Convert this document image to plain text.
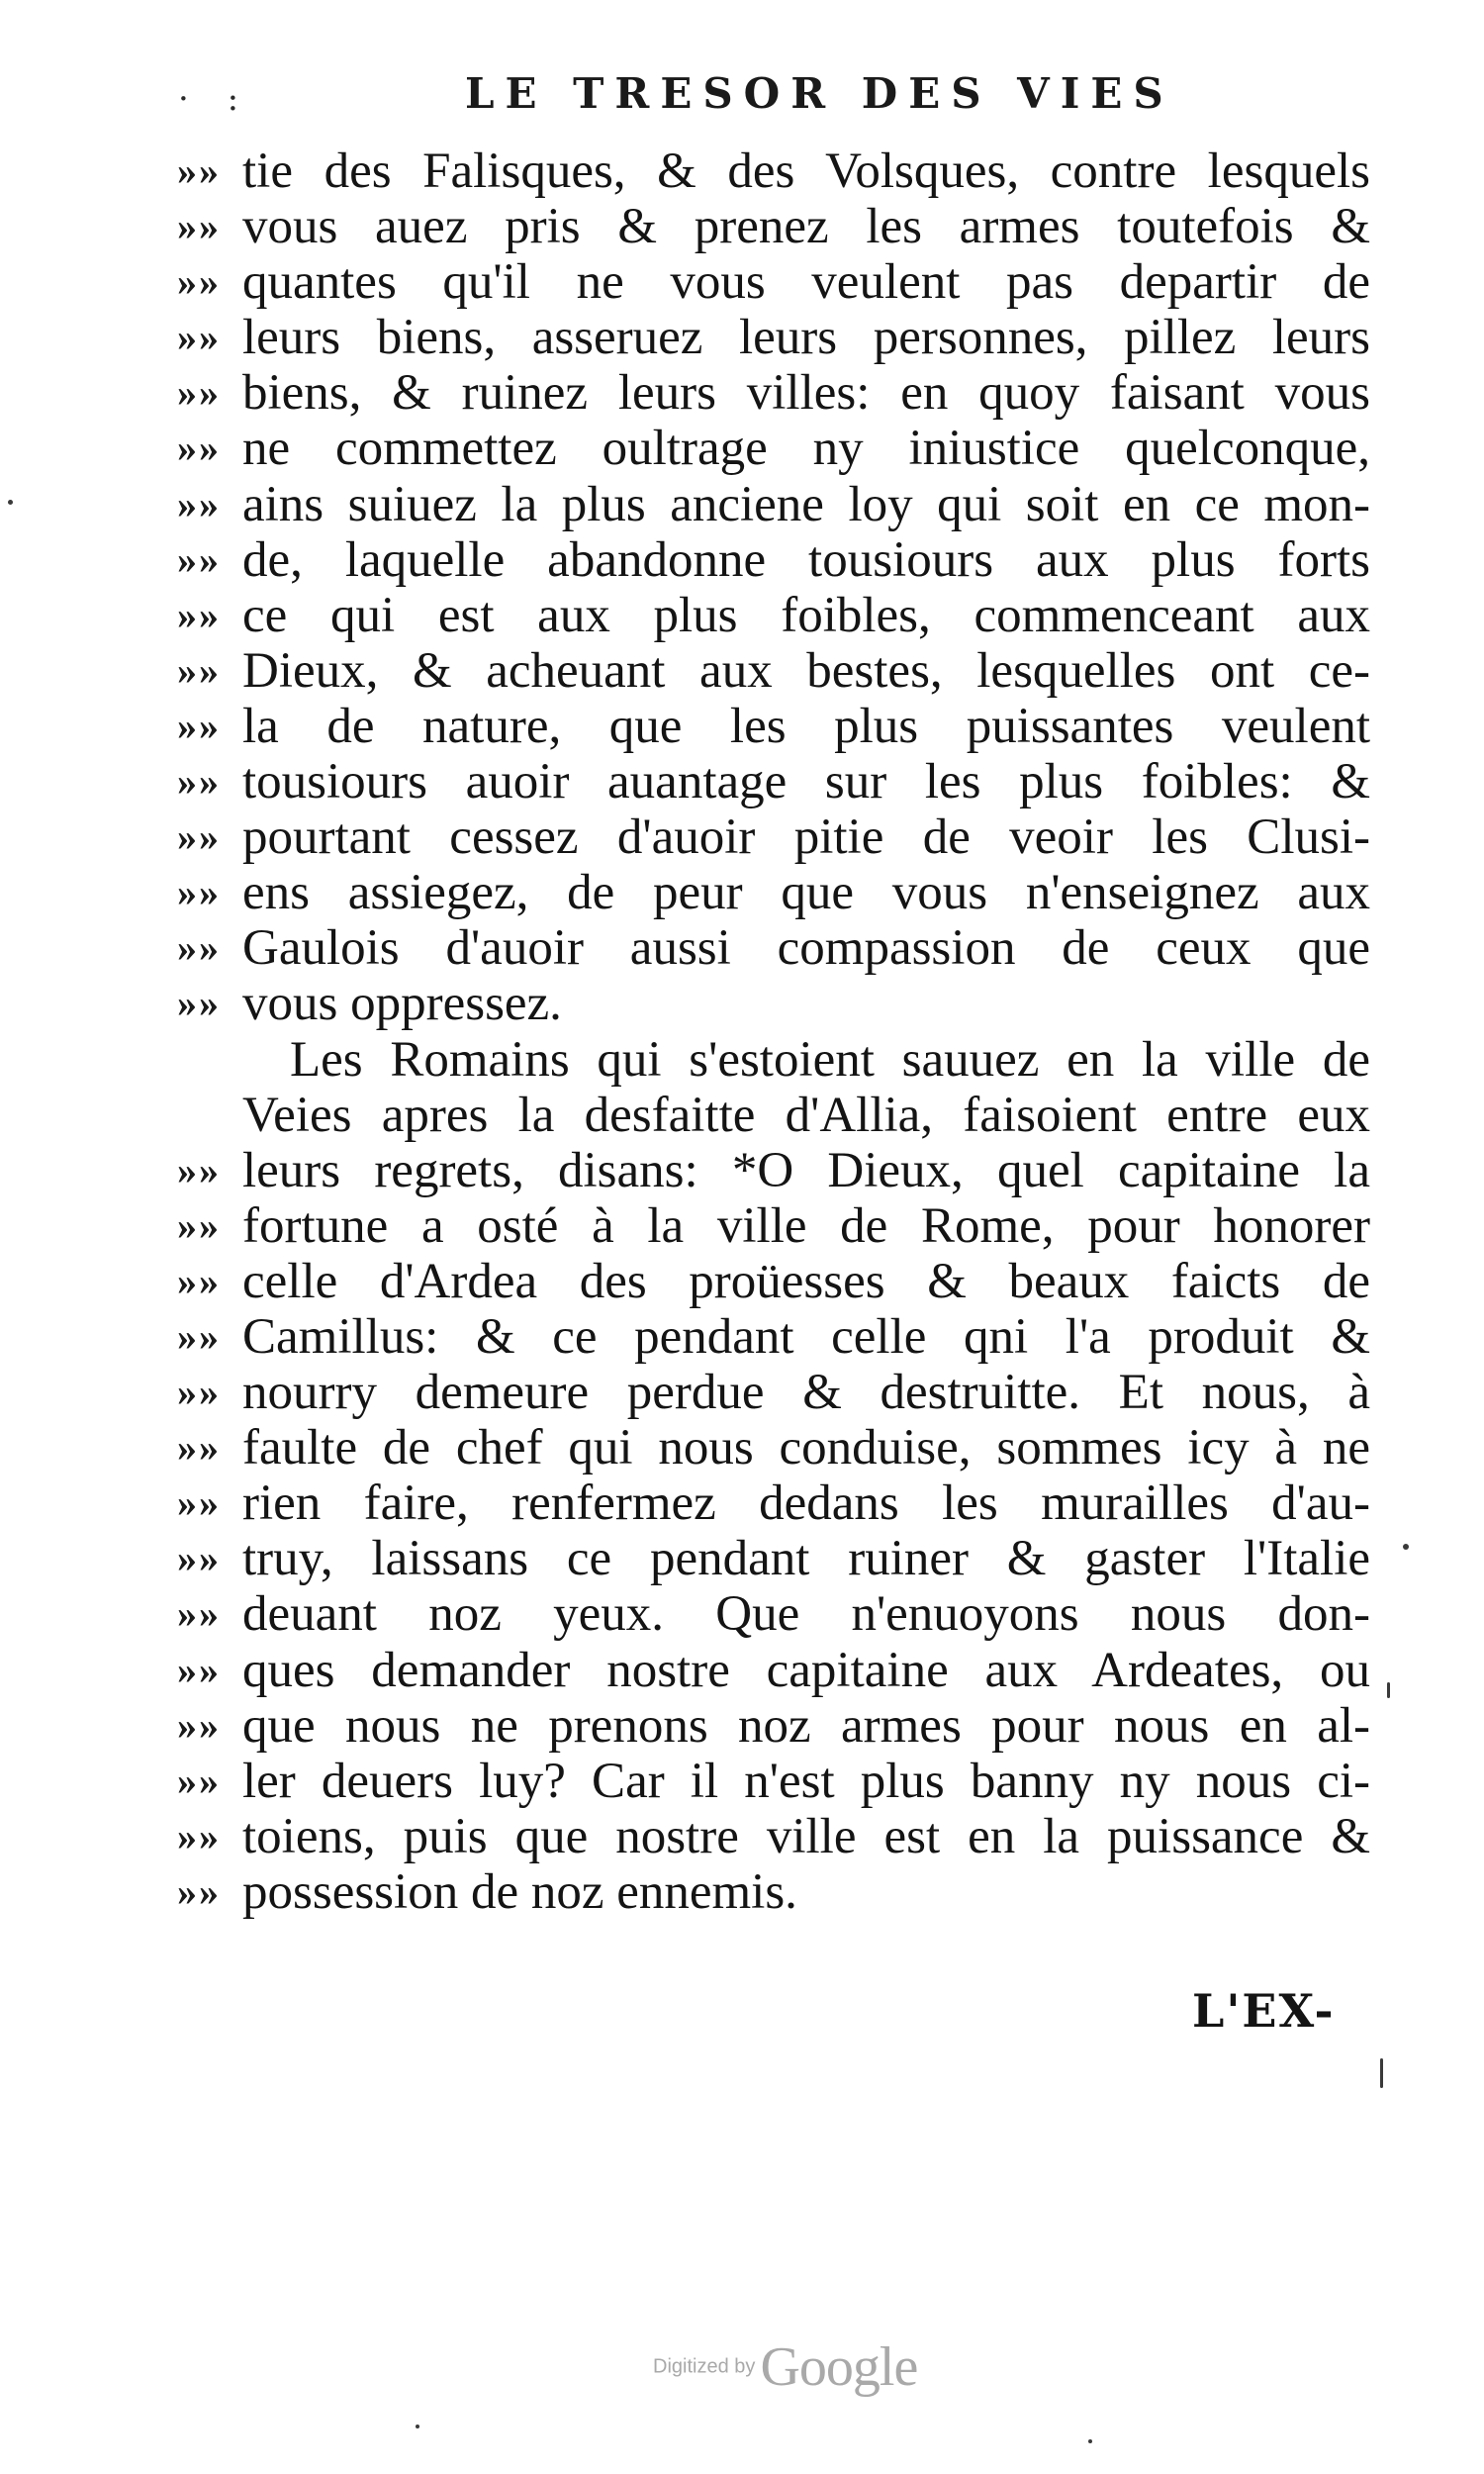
· :	LE TRESOR DES VIES
»» tie des Falisques, & des Volsques, contre lesquels
»» vous auez pris & prenez les armes toutefois &
»» quantes qu'il ne vous veulent pas departir de
»» leurs biens, asseruez leurs personnes, pillez leurs
»» biens, & ruinez leurs villes: en quoy faisant vous
»» ne commettez oultrage ny iniustice quelconque,
»» ains suiuez la plus anciene loy qui soit en ce mon-
»» de, laquelle abandonne tousiours aux plus forts
»» ce qui est aux plus foibles, commenceant aux
»» Dieux, & acheuant aux bestes, lesquelles ont ce-
»» la de nature, que les plus puissantes veulent
»» tousiours auoir auantage sur les plus foibles: &
»» pourtant cessez d'auoir pitie de veoir les Clusi-
»» ens assiegez, de peur que vous n'enseignez aux
»» Gaulois d'auoir aussi compassion de ceux que
»» vous oppressez.
Les Romains qui s'estoient sauuez en la ville de
Veies apres la desfaitte d'Allia, faisoient entre eux
»» leurs regrets, disans: *O Dieux, quel capitaine la
»» fortune a osté à la ville de Rome, pour honorer
»» celle d'Ardea des proüesses & beaux faicts de
»» Camillus: & ce pendant celle qni l'a produit &
»» nourry demeure perdue & destruitte. Et nous, à
»» faulte de chef qui nous conduise, sommes icy à ne
»» rien faire, renfermez dedans les murailles d'au-
»» truy, laissans ce pendant ruiner & gaster l'Italie
»» deuant noz yeux. Que n'enuoyons nous don-
»» ques demander nostre capitaine aux Ardeates, ou
»» que nous ne prenons noz armes pour nous en al-
»» ler deuers luy? Car il n'est plus banny ny nous ci-
»» toiens, puis que nostre ville est en la puissance &
»» possession de noz ennemis.
L'EX-
Digitized by Google
